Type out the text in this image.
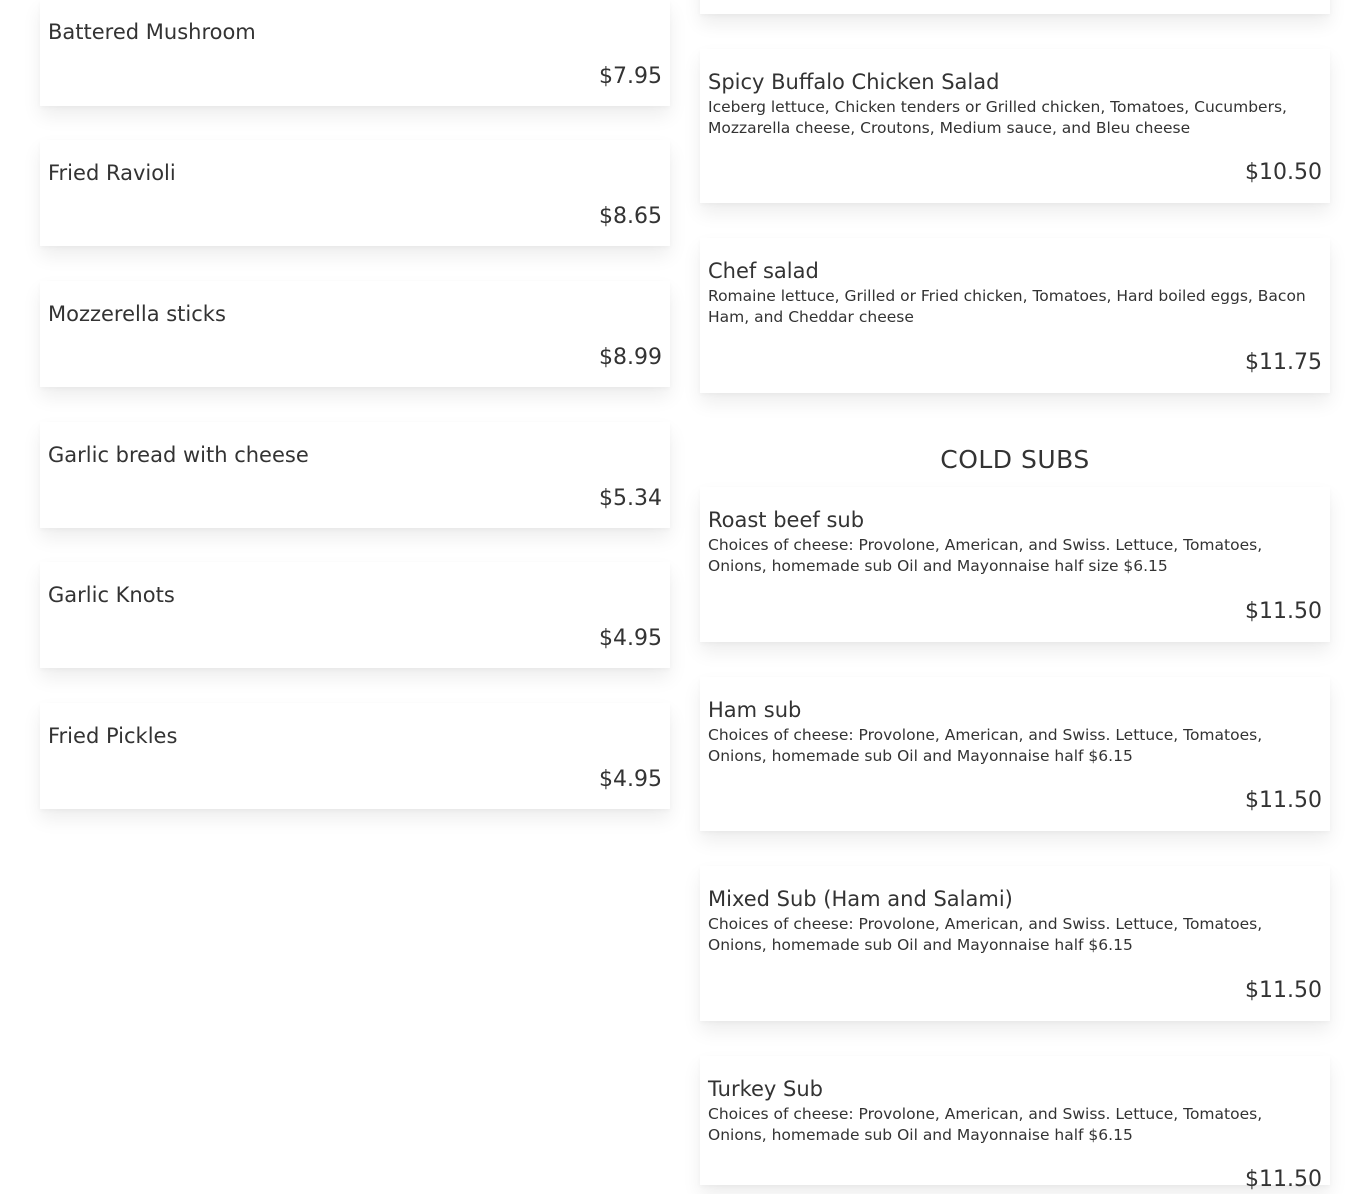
Battered Mushroom
$7.95
Fried Ravioli
$8.65
Mozzerella sticks
$8.99
Garlic bread with cheese
$5.34
Garlic Knots
$4.95
Fried Pickles
$4.95
Spicy Buffalo Chicken Salad
Iceberg lettuce, Chicken tenders or Grilled chicken, Tomatoes, Cucumbers, Mozzarella cheese, Croutons, Medium sauce, and Bleu cheese
$10.50
Chef salad
Romaine lettuce, Grilled or Fried chicken, Tomatoes, Hard boiled eggs, Bacon Ham, and Cheddar cheese
$11.75
COLD SUBS
Roast beef sub
Choices of cheese: Provolone, American, and Swiss. Lettuce, Tomatoes, Onions, homemade sub Oil and Mayonnaise half size $6.15
$11.50
Ham sub
Choices of cheese: Provolone, American, and Swiss. Lettuce, Tomatoes, Onions, homemade sub Oil and Mayonnaise half $6.15
$11.50
Mixed Sub (Ham and Salami)
Choices of cheese: Provolone, American, and Swiss. Lettuce, Tomatoes, Onions, homemade sub Oil and Mayonnaise half $6.15
$11.50
Turkey Sub
Choices of cheese: Provolone, American, and Swiss. Lettuce, Tomatoes, Onions, homemade sub Oil and Mayonnaise half $6.15
$11.50
